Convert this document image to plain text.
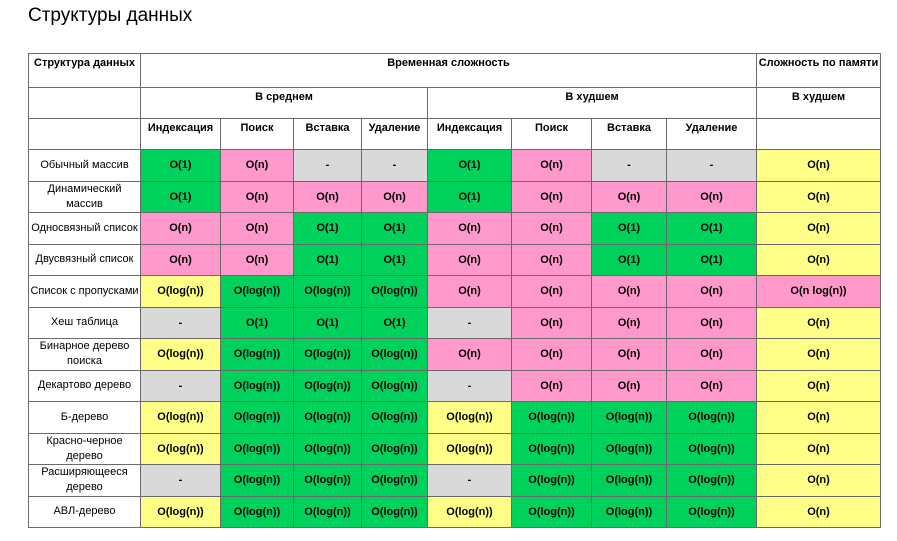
Структуры данных
Структура данных	Временная сложность								Сложность по памяти
	В среднем				В худшем				В худшем
	Индексация	Поиск	Вставка	Удаление	Индексация	Поиск	Вставка	Удаление	
Обычный массив	O(1)	O(n)	-	-	O(1)	O(n)	-	-	O(n)
Динамический массив	O(1)	O(n)	O(n)	O(n)	O(1)	O(n)	O(n)	O(n)	O(n)
Односвязный список	O(n)	O(n)	O(1)	O(1)	O(n)	O(n)	O(1)	O(1)	O(n)
Двусвязный список	O(n)	O(n)	O(1)	O(1)	O(n)	O(n)	O(1)	O(1)	O(n)
Список с пропусками	O(log(n))	O(log(n))	O(log(n))	O(log(n))	O(n)	O(n)	O(n)	O(n)	O(n log(n))
Хеш таблица	-	O(1)	O(1)	O(1)	-	O(n)	O(n)	O(n)	O(n)
Бинарное дерево поиска	O(log(n))	O(log(n))	O(log(n))	O(log(n))	O(n)	O(n)	O(n)	O(n)	O(n)
Декартово дерево	-	O(log(n))	O(log(n))	O(log(n))	-	O(n)	O(n)	O(n)	O(n)
Б-дерево	O(log(n))	O(log(n))	O(log(n))	O(log(n))	O(log(n))	O(log(n))	O(log(n))	O(log(n))	O(n)
Красно-черное дерево	O(log(n))	O(log(n))	O(log(n))	O(log(n))	O(log(n))	O(log(n))	O(log(n))	O(log(n))	O(n)
Расширяющееся дерево	-	O(log(n))	O(log(n))	O(log(n))	-	O(log(n))	O(log(n))	O(log(n))	O(n)
АВЛ-дерево	O(log(n))	O(log(n))	O(log(n))	O(log(n))	O(log(n))	O(log(n))	O(log(n))	O(log(n))	O(n)
